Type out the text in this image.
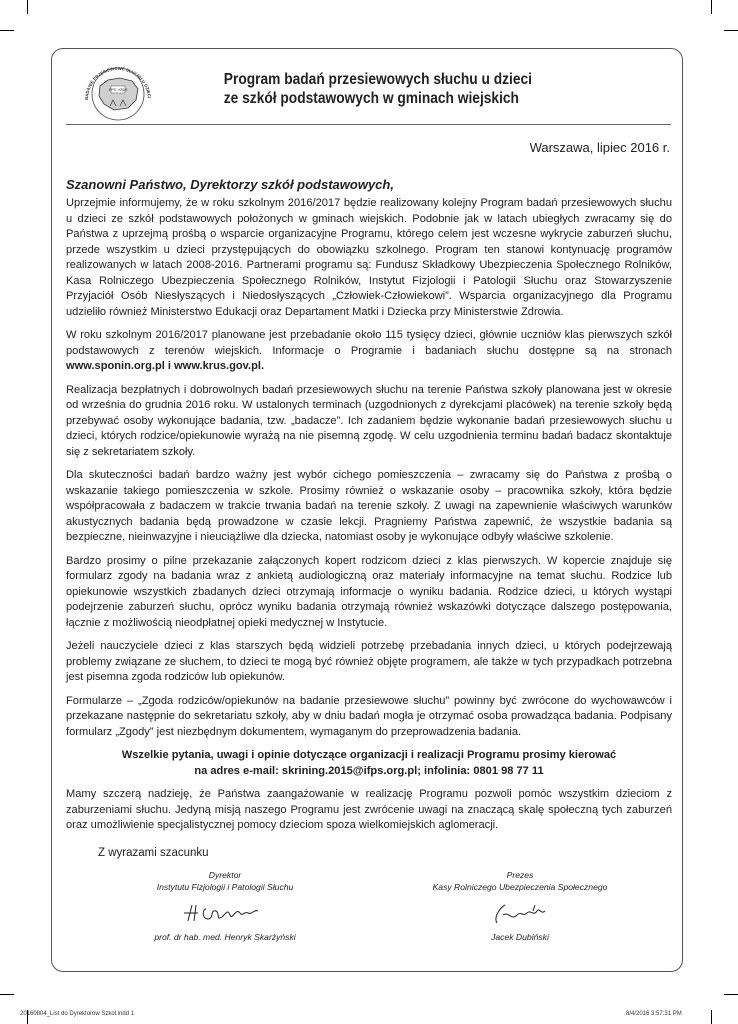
BADANIE PRZESIEWOWE SŁUCHU U DZIECI
IFPS · KRUS
Program badań przesiewowych słuchu u dzieci
ze szkół podstawowych w gminach wiejskich
Warszawa, lipiec 2016 r.
Szanowni Państwo, Dyrektorzy szkół podstawowych,

Uprzejmie informujemy, że w roku szkolnym 2016/2017 będzie realizowany kolejny Program badań przesiewowych słuchu u dzieci ze szkół podstawowych położonych w gminach wiejskich. Podobnie jak w latach ubiegłych zwracamy się do Państwa z uprzejmą prośbą o wsparcie organizacyjne Programu, którego celem jest wczesne wykrycie zaburzeń słuchu, przede wszystkim u dzieci przystępujących do obowiązku szkolnego. Program ten stanowi kontynuację programów realizowanych w latach 2008-2016. Partnerami programu są: Fundusz Składkowy Ubezpieczenia Społecznego Rolników, Kasa Rolniczego Ubezpieczenia Społecznego Rolników, Instytut Fizjologii i Patologii Słuchu oraz Stowarzyszenie Przyjaciół Osób Niesłyszących i Niedosłyszących „Człowiek-Człowiekowi”. Wsparcia organizacyjnego dla Programu udzieliło również Ministerstwo Edukacji oraz Departament Matki i Dziecka przy Ministerstwie Zdrowia.

W roku szkolnym 2016/2017 planowane jest przebadanie około 115 tysięcy dzieci, głównie uczniów klas pierwszych szkół podstawowych z terenów wiejskich. Informacje o Programie i badaniach słuchu dostępne są na stronach www.sponin.org.pl i www.krus.gov.pl.

Realizacja bezpłatnych i dobrowolnych badań przesiewowych słuchu na terenie Państwa szkoły planowana jest w okresie od września do grudnia 2016 roku. W ustalonych terminach (uzgodnionych z dyrekcjami placówek) na terenie szkoły będą przebywać osoby wykonujące badania, tzw. „badacze”. Ich zadaniem będzie wykonanie badań przesiewowych słuchu u dzieci, których rodzice/opiekunowie wyrażą na nie pisemną zgodę. W celu uzgodnienia terminu badań badacz skontaktuje się z sekretariatem szkoły.

Dla skuteczności badań bardzo ważny jest wybór cichego pomieszczenia – zwracamy się do Państwa z prośbą o wskazanie takiego pomieszczenia w szkole. Prosimy również o wskazanie osoby – pracownika szkoły, która będzie współpracowała z badaczem w trakcie trwania badań na terenie szkoły. Z uwagi na zapewnienie właściwych warunków akustycznych badania będą prowadzone w czasie lekcji. Pragniemy Państwa zapewnić, że wszystkie badania są bezpieczne, nieinwazyjne i nieuciążliwe dla dziecka, natomiast osoby je wykonujące odbyły właściwe szkolenie.

Bardzo prosimy o pilne przekazanie załączonych kopert rodzicom dzieci z klas pierwszych. W kopercie znajduje się formularz zgody na badania wraz z ankietą audiologiczną oraz materiały informacyjne na temat słuchu. Rodzice lub opiekunowie wszystkich zbadanych dzieci otrzymają informacje o wyniku badania. Rodzice dzieci, u których wystąpi podejrzenie zaburzeń słuchu, oprócz wyniku badania otrzymają również wskazówki dotyczące dalszego postępowania, łącznie z możliwością nieodpłatnej opieki medycznej w Instytucie.

Jeżeli nauczyciele dzieci z klas starszych będą widzieli potrzebę przebadania innych dzieci, u których podejrzewają problemy związane ze słuchem, to dzieci te mogą być również objęte programem, ale także w tych przypadkach potrzebna jest pisemna zgoda rodziców lub opiekunów.

Formularze – „Zgoda rodziców/opiekunów na badanie przesiewowe słuchu” powinny być zwrócone do wychowawców i przekazane następnie do sekretariatu szkoły, aby w dniu badań mogła je otrzymać osoba prowadząca badania. Podpisany formularz „Zgody” jest niezbędnym dokumentem, wymaganym do przeprowadzenia badania.

Wszelkie pytania, uwagi i opinie dotyczące organizacji i realizacji Programu prosimy kierować
na adres e-mail: skrining.2015@ifps.org.pl; infolinia: 0801 98 77 11

Mamy szczerą nadzieję, że Państwa zaangażowanie w realizację Programu pozwoli pomóc wszystkim dzieciom z zaburzeniami słuchu. Jedyną misją naszego Programu jest zwrócenie uwagi na znaczącą skalę społeczną tych zaburzeń oraz umożliwienie specjalistycznej pomocy dzieciom spoza wielkomiejskich aglomeracji.

Z wyrazami szacunku
Dyrektor
Instytutu Fizjologii i Patologii Słuchu
prof. dr hab. med. Henryk Skarżyński
Prezes
Kasy Rolniczego Ubezpieczenia Społecznego
Jacek Dubiński
20160804_List do Dyrektorow Szkol.indd 1	8/4/2016 3:57:31 PM
